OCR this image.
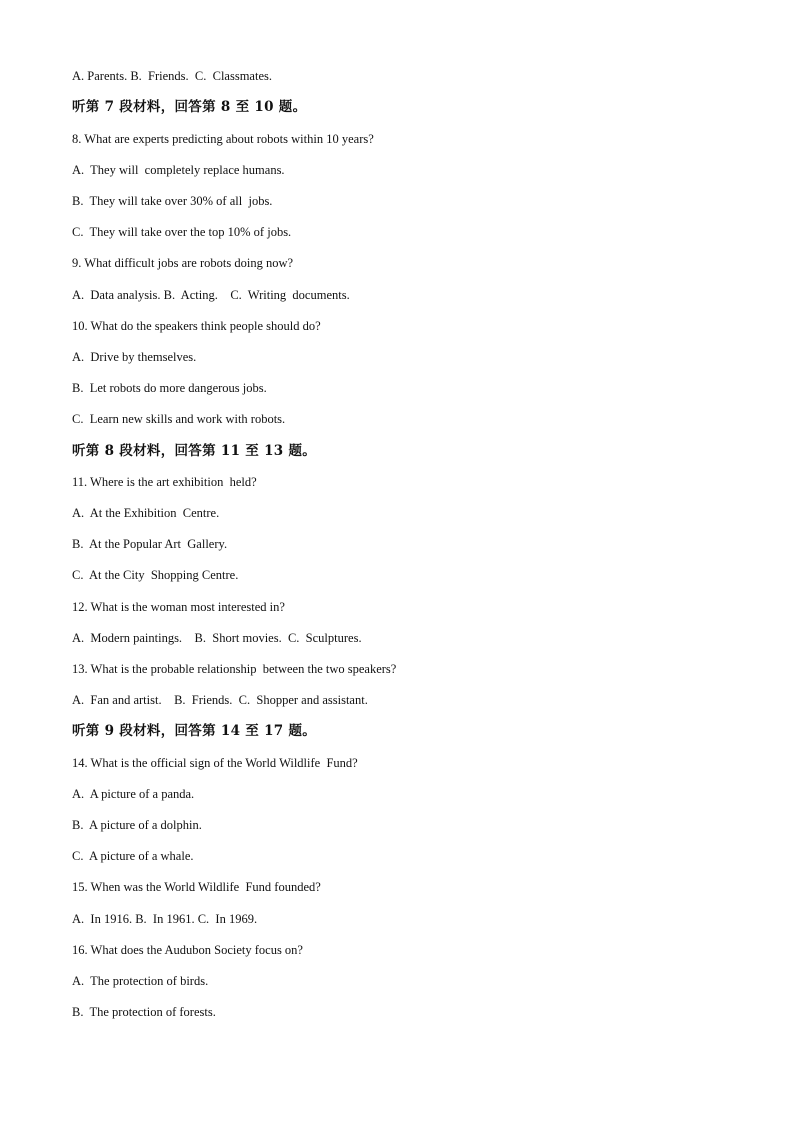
A. Parents. B.  Friends.  C.  Classmates.
听第 7 段材料，回答第 8 至 10 题。
8. What are experts predicting about robots within 10 years?
A.  They will  completely replace humans.
B.  They will take over 30% of all  jobs.
C.  They will take over the top 10% of jobs.
9. What difficult jobs are robots doing now?
A.  Data analysis. B.  Acting.    C.  Writing  documents.
10. What do the speakers think people should do?
A.  Drive by themselves.
B.  Let robots do more dangerous jobs.
C.  Learn new skills and work with robots.
听第 8 段材料，回答第 11 至 13 题。
11. Where is the art exhibition  held?
A.  At the Exhibition  Centre.
B.  At the Popular Art  Gallery.
C.  At the City  Shopping Centre.
12. What is the woman most interested in?
A.  Modern paintings.    B.  Short movies.  C.  Sculptures.
13. What is the probable relationship  between the two speakers?
A.  Fan and artist.    B.  Friends.  C.  Shopper and assistant.
听第 9 段材料，回答第 14 至 17 题。
14. What is the official sign of the World Wildlife  Fund?
A.  A picture of a panda.
B.  A picture of a dolphin.
C.  A picture of a whale.
15. When was the World Wildlife  Fund founded?
A.  In 1916. B.  In 1961. C.  In 1969.
16. What does the Audubon Society focus on?
A.  The protection of birds.
B.  The protection of forests.
